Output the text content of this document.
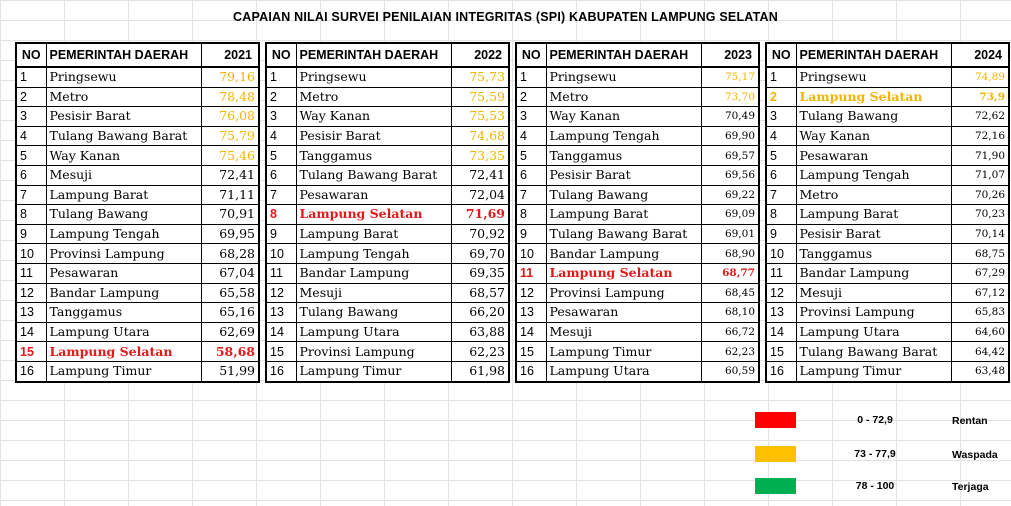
CAPAIAN NILAI SURVEI PENILAIAN INTEGRITAS (SPI) KABUPATEN LAMPUNG SELATAN
NO	PEMERINTAH DAERAH	2021
1	Pringsewu	79,16
2	Metro	78,48
3	Pesisir Barat	76,08
4	Tulang Bawang Barat	75,79
5	Way Kanan	75,46
6	Mesuji	72,41
7	Lampung Barat	71,11
8	Tulang Bawang	70,91
9	Lampung Tengah	69,95
10	Provinsi Lampung	68,28
11	Pesawaran	67,04
12	Bandar Lampung	65,58
13	Tanggamus	65,16
14	Lampung Utara	62,69
15	Lampung Selatan	58,68
16	Lampung Timur	51,99
NO	PEMERINTAH DAERAH	2022
1	Pringsewu	75,73
2	Metro	75,59
3	Way Kanan	75,53
4	Pesisir Barat	74,68
5	Tanggamus	73,35
6	Tulang Bawang Barat	72,41
7	Pesawaran	72,04
8	Lampung Selatan	71,69
9	Lampung Barat	70,92
10	Lampung Tengah	69,70
11	Bandar Lampung	69,35
12	Mesuji	68,57
13	Tulang Bawang	66,20
14	Lampung Utara	63,88
15	Provinsi Lampung	62,23
16	Lampung Timur	61,98
NO	PEMERINTAH DAERAH	2023
1	Pringsewu	75,17
2	Metro	73,70
3	Way Kanan	70,49
4	Lampung Tengah	69,90
5	Tanggamus	69,57
6	Pesisir Barat	69,56
7	Tulang Bawang	69,22
8	Lampung Barat	69,09
9	Tulang Bawang Barat	69,01
10	Bandar Lampung	68,90
11	Lampung Selatan	68,77
12	Provinsi Lampung	68,45
13	Pesawaran	68,10
14	Mesuji	66,72
15	Lampung Timur	62,23
16	Lampung Utara	60,59
NO	PEMERINTAH DAERAH	2024
1	Pringsewu	74,89
2	Lampung Selatan	73,9
3	Tulang Bawang	72,62
4	Way Kanan	72,16
5	Pesawaran	71,90
6	Lampung Tengah	71,07
7	Metro	70,26
8	Lampung Barat	70,23
9	Pesisir Barat	70,14
10	Tanggamus	68,75
11	Bandar Lampung	67,29
12	Mesuji	67,12
13	Provinsi Lampung	65,83
14	Lampung Utara	64,60
15	Tulang Bawang Barat	64,42
16	Lampung Timur	63,48
0 - 72,9	Rentan
73 - 77,9	Waspada
78 - 100	Terjaga
